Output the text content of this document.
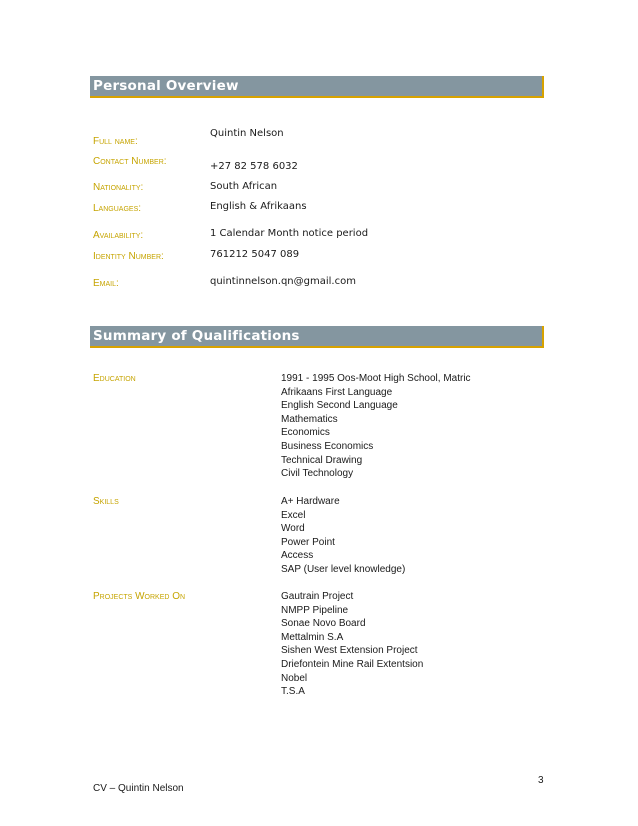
Personal Overview
Full name:
Quintin Nelson
Contact Number:	+27 82 578 6032
Nationality:	South African
Languages:	English & Afrikaans
Availability:	1 Calendar Month notice period
Identity Number:	761212 5047 089
Email:	quintinnelson.qn@gmail.com
Summary of Qualifications
Education	1991 - 1995 Oos-Moot High School, Matric
Afrikaans First Language
English Second Language
Mathematics
Economics
Business Economics
Technical Drawing
Civil Technology
Skills	A+ Hardware
Excel
Word
Power Point
Access
SAP (User level knowledge)
Projects Worked On	Gautrain Project
NMPP Pipeline
Sonae Novo Board
Mettalmin S.A
Sishen West Extension Project
Driefontein Mine Rail Extentsion
Nobel
T.S.A
3
CV – Quintin Nelson
